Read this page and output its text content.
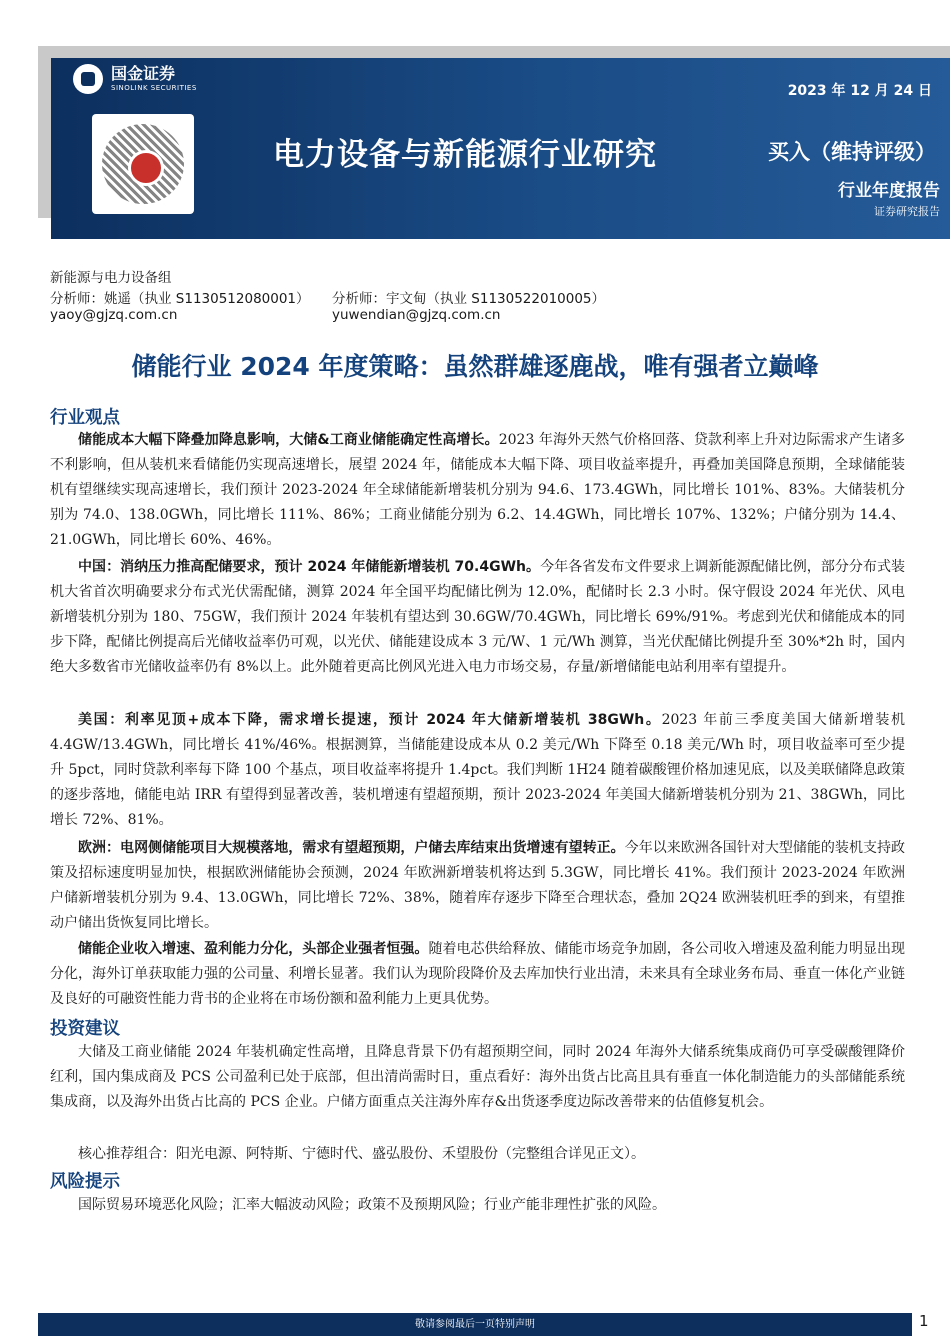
国金证券
SINOLINK SECURITIES	2023 年 12 月 24 日
电力设备与新能源行业研究	买入（维持评级）
行业年度报告
证券研究报告
新能源与电力设备组
分析师：姚遥（执业 S1130512080001） 分析师：宇文甸（执业 S1130522010005）
yaoy@gjzq.com.cn	yuwendian@gjzq.com.cn
储能行业 2024 年度策略：虽然群雄逐鹿战，唯有强者立巅峰
行业观点

储能成本大幅下降叠加降息影响，大储&工商业储能确定性高增长。2023 年海外天然气价格回落、贷款利率上升对边际需求产生诸多不利影响，但从装机来看储能仍实现高速增长，展望 2024 年，储能成本大幅下降、项目收益率提升，再叠加美国降息预期，全球储能装机有望继续实现高速增长，我们预计 2023-2024 年全球储能新增装机分别为 94.6、173.4GWh，同比增长 101%、83%。大储装机分别为 74.0、138.0GWh，同比增长 111%、86%；工商业储能分别为 6.2、14.4GWh，同比增长 107%、132%；户储分别为 14.4、21.0GWh，同比增长 60%、46%。

中国：消纳压力推高配储要求，预计 2024 年储能新增装机 70.4GWh。今年各省发布文件要求上调新能源配储比例，部分分布式装机大省首次明确要求分布式光伏需配储，测算 2024 年全国平均配储比例为 12.0%，配储时长 2.3 小时。保守假设 2024 年光伏、风电新增装机分别为 180、75GW，我们预计 2024 年装机有望达到 30.6GW/70.4GWh，同比增长 69%/91%。考虑到光伏和储能成本的同步下降，配储比例提高后光储收益率仍可观，以光伏、储能建设成本 3 元/W、1 元/Wh 测算，当光伏配储比例提升至 30%*2h 时，国内绝大多数省市光储收益率仍有 8%以上。此外随着更高比例风光进入电力市场交易，存量/新增储能电站利用率有望提升。

美国：利率见顶+成本下降，需求增长提速，预计 2024 年大储新增装机 38GWh。2023 年前三季度美国大储新增装机 4.4GW/13.4GWh，同比增长 41%/46%。根据测算，当储能建设成本从 0.2 美元/Wh 下降至 0.18 美元/Wh 时，项目收益率可至少提升 5pct，同时贷款利率每下降 100 个基点，项目收益率将提升 1.4pct。我们判断 1H24 随着碳酸锂价格加速见底，以及美联储降息政策的逐步落地，储能电站 IRR 有望得到显著改善，装机增速有望超预期，预计 2023-2024 年美国大储新增装机分别为 21、38GWh，同比增长 72%、81%。

欧洲：电网侧储能项目大规模落地，需求有望超预期，户储去库结束出货增速有望转正。今年以来欧洲各国针对大型储能的装机支持政策及招标速度明显加快，根据欧洲储能协会预测，2024 年欧洲新增装机将达到 5.3GW，同比增长 41%。我们预计 2023-2024 年欧洲户储新增装机分别为 9.4、13.0GWh，同比增长 72%、38%，随着库存逐步下降至合理状态，叠加 2Q24 欧洲装机旺季的到来，有望推动户储出货恢复同比增长。

储能企业收入增速、盈利能力分化，头部企业强者恒强。随着电芯供给释放、储能市场竞争加剧，各公司收入增速及盈利能力明显出现分化，海外订单获取能力强的公司量、利增长显著。我们认为现阶段降价及去库加快行业出清，未来具有全球业务布局、垂直一体化产业链及良好的可融资性能力背书的企业将在市场份额和盈利能力上更具优势。

投资建议

大储及工商业储能 2024 年装机确定性高增，且降息背景下仍有超预期空间，同时 2024 年海外大储系统集成商仍可享受碳酸锂降价红利，国内集成商及 PCS 公司盈利已处于底部，但出清尚需时日，重点看好：海外出货占比高且具有垂直一体化制造能力的头部储能系统集成商，以及海外出货占比高的 PCS 企业。户储方面重点关注海外库存&出货逐季度边际改善带来的估值修复机会。

核心推荐组合：阳光电源、阿特斯、宁德时代、盛弘股份、禾望股份（完整组合详见正文）。

风险提示

国际贸易环境恶化风险；汇率大幅波动风险；政策不及预期风险；行业产能非理性扩张的风险。

敬请参阅最后一页特别声明	1
